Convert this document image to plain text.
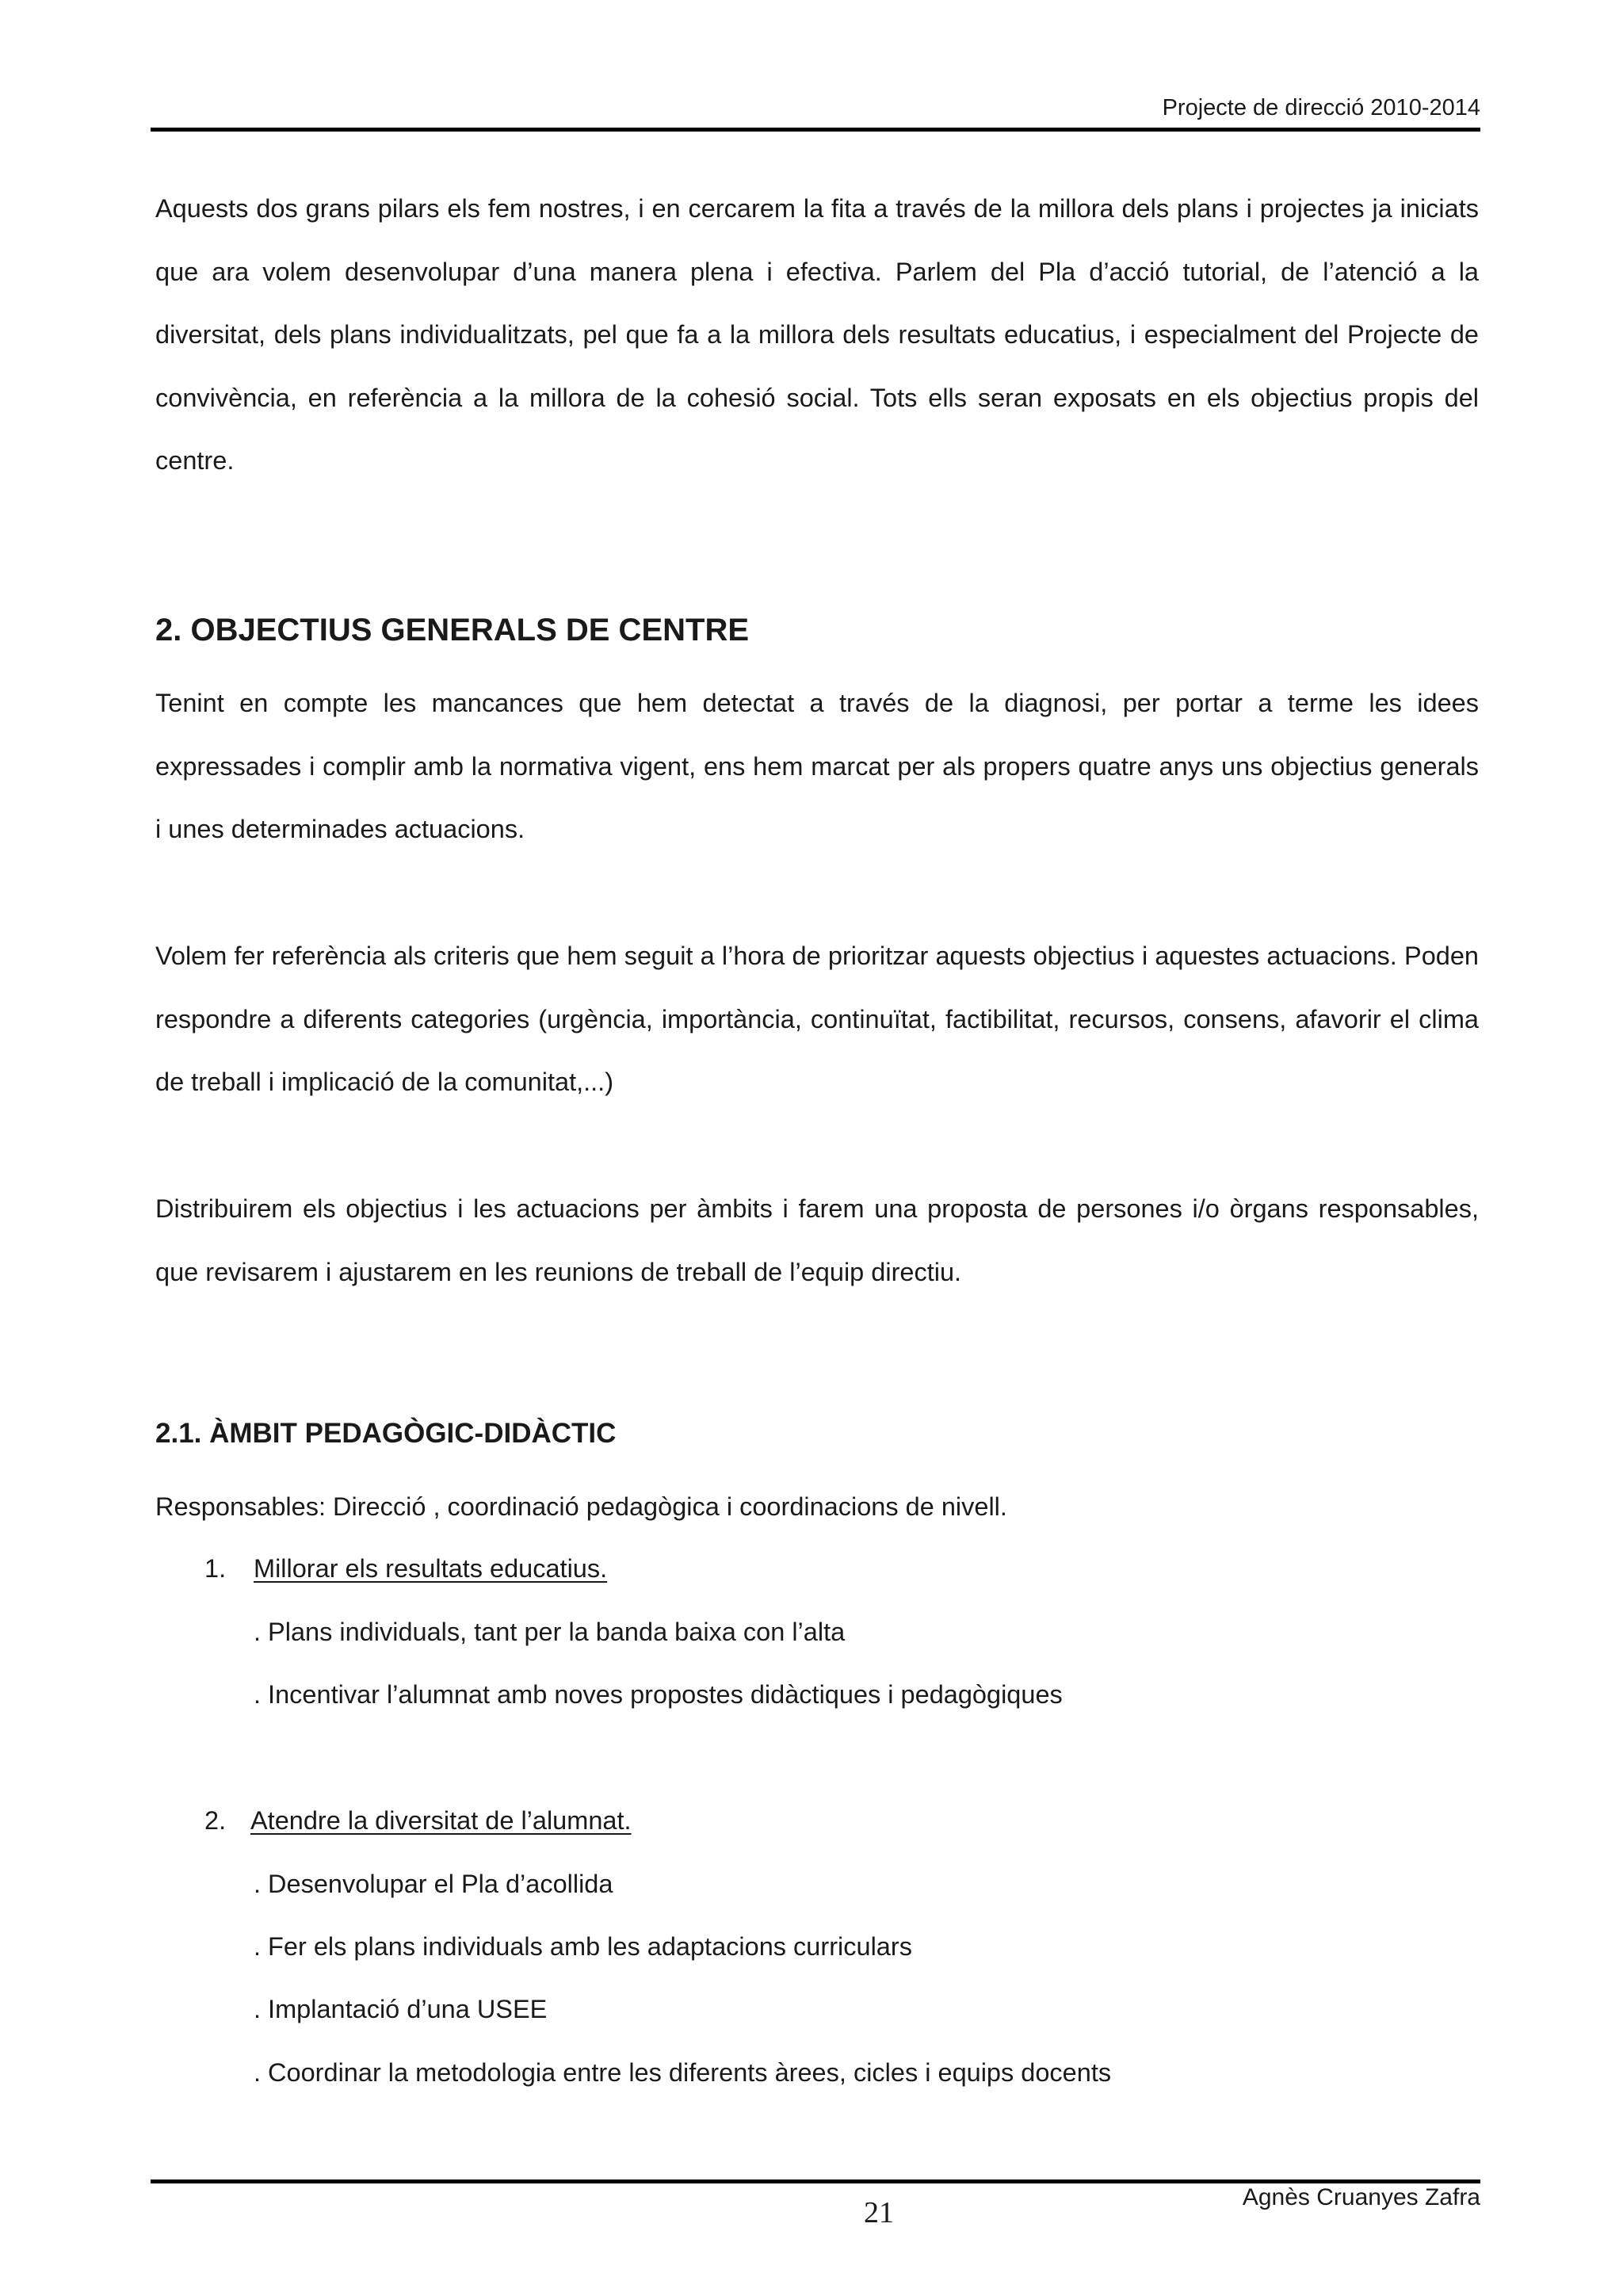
Projecte de direcció 2010-2014
Aquests dos grans pilars els fem nostres, i en cercarem la fita a través de la millora dels plans i projectes ja iniciats que ara volem desenvolupar d’una manera plena i efectiva. Parlem del Pla d’acció tutorial, de l’atenció a la diversitat, dels plans individualitzats, pel que fa a la millora dels resultats educatius, i especialment del Projecte de convivència, en referència a la millora de la cohesió social. Tots ells seran exposats en els objectius propis del centre.
2. OBJECTIUS GENERALS DE CENTRE
Tenint en compte les mancances que hem detectat a través de la diagnosi, per portar a terme les idees expressades i complir amb la normativa vigent, ens hem marcat per als propers quatre anys uns objectius generals i unes determinades actuacions.
Volem fer referència als criteris que hem seguit a l’hora de prioritzar aquests objectius i aquestes actuacions. Poden respondre a diferents categories (urgència, importància, continuïtat, factibilitat, recursos, consens, afavorir el clima de treball i implicació de la comunitat,...)
Distribuirem els objectius i les actuacions per àmbits i farem una proposta de persones i/o òrgans responsables, que revisarem i ajustarem en les reunions de treball de l’equip directiu.
2.1. ÀMBIT PEDAGÒGIC-DIDÀCTIC
Responsables: Direcció , coordinació pedagògica i coordinacions de nivell.
1. Millorar els resultats educatius.
. Plans individuals, tant per la banda baixa con l’alta
. Incentivar l’alumnat amb noves propostes didàctiques i pedagògiques
2. Atendre la diversitat de l’alumnat.
. Desenvolupar el Pla d’acollida
. Fer els plans individuals amb les adaptacions curriculars
. Implantació d’una USEE
. Coordinar la metodologia entre les diferents àrees, cicles i equips docents
21	Agnès Cruanyes Zafra
